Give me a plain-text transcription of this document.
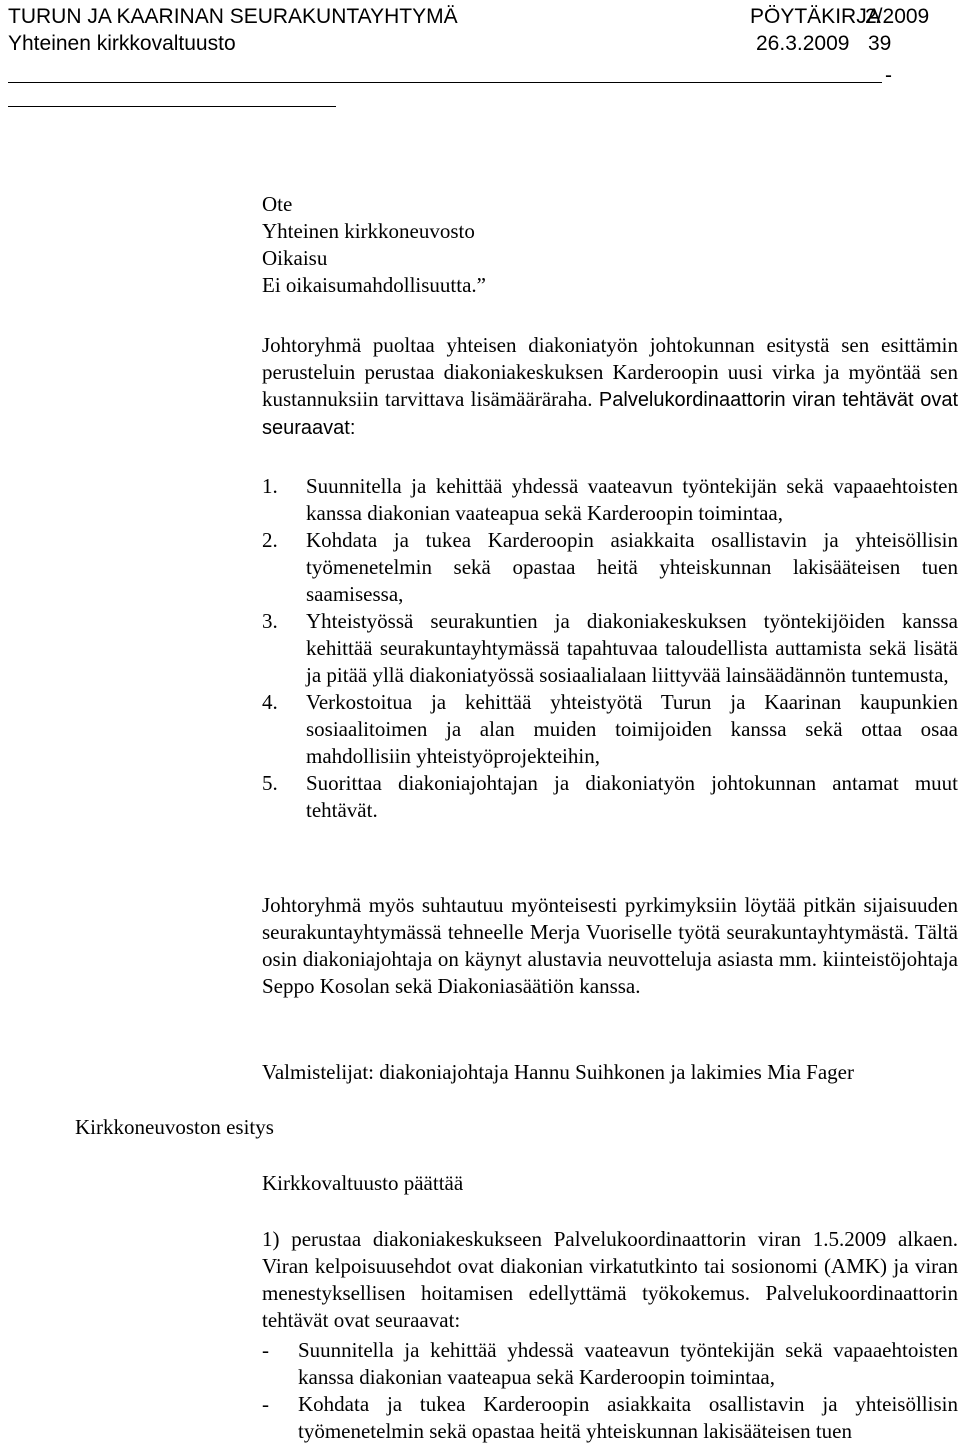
TURUN JA KAARINAN SEURAKUNTAYHTYMÄ	PÖYTÄKIRJA
2/2009
Yhteinen kirkkovaltuusto	26.3.2009 39
-
Ote
Yhteinen kirkkoneuvosto
Oikaisu
Ei oikaisumahdollisuutta.”
Johtoryhmä puoltaa yhteisen diakoniatyön johtokunnan esitystä sen esittämin perusteluin perustaa diakoniakeskuksen Karderoopin uusi virka ja myöntää sen kustannuksiin tarvittava lisämääräraha. Palvelukordinaattorin viran tehtävät ovat seuraavat:
1. Suunnitella ja kehittää yhdessä vaateavun työntekijän sekä vapaaehtoisten kanssa diakonian vaateapua sekä Karderoopin toimintaa,
2. Kohdata ja tukea Karderoopin asiakkaita osallistavin ja yhteisöllisin työmenetelmin sekä opastaa heitä yhteiskunnan lakisääteisen tuen saamisessa,
3. Yhteistyössä seurakuntien ja diakoniakeskuksen työntekijöiden kanssa kehittää seurakuntayhtymässä tapahtuvaa taloudellista auttamista sekä lisätä ja pitää yllä diakoniatyössä sosiaalialaan liittyvää lainsäädännön tuntemusta,
4. Verkostoitua ja kehittää yhteistyötä Turun ja Kaarinan kaupunkien sosiaalitoimen ja alan muiden toimijoiden kanssa sekä ottaa osaa mahdollisiin yhteistyöprojekteihin,
5. Suorittaa diakoniajohtajan ja diakoniatyön johtokunnan antamat muut tehtävät.
Johtoryhmä myös suhtautuu myönteisesti pyrkimyksiin löytää pitkän sijaisuuden seurakuntayhtymässä tehneelle Merja Vuoriselle työtä seurakuntayhtymästä. Tältä osin diakoniajohtaja on käynyt alustavia neuvotteluja asiasta mm. kiinteistöjohtaja Seppo Kosolan sekä Diakoniasäätiön kanssa.
Valmistelijat: diakoniajohtaja Hannu Suihkonen ja lakimies Mia Fager
Kirkkoneuvoston esitys
Kirkkovaltuusto päättää
1) perustaa diakoniakeskukseen Palvelukoordinaattorin viran 1.5.2009 alkaen. Viran kelpoisuusehdot ovat diakonian virkatutkinto tai sosionomi (AMK) ja viran menestyksellisen hoitamisen edellyttämä työkokemus. Palvelukoordinaattorin tehtävät ovat seuraavat:
- Suunnitella ja kehittää yhdessä vaateavun työntekijän sekä vapaaehtoisten kanssa diakonian vaateapua sekä Karderoopin toimintaa,
- Kohdata ja tukea Karderoopin asiakkaita osallistavin ja yhteisöllisin työmenetelmin sekä opastaa heitä yhteiskunnan lakisääteisen tuen
